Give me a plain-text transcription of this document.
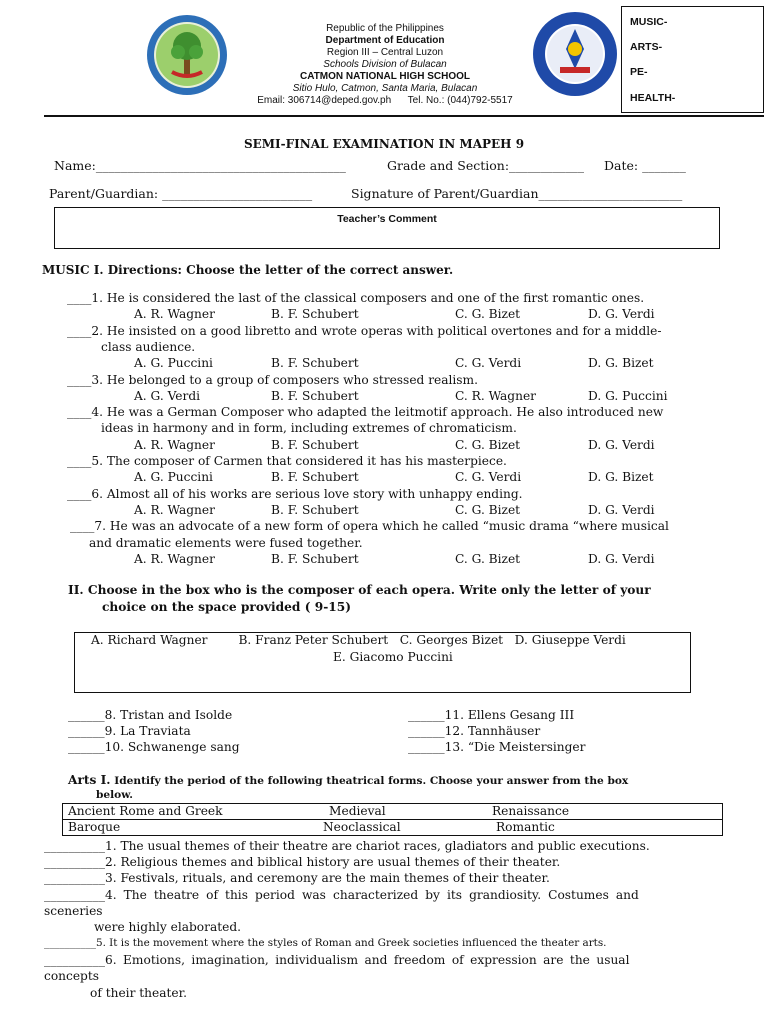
Republic of the Philippines
Department of Education
Region III – Central Luzon
Schools Division of Bulacan
CATMON NATIONAL HIGH SCHOOL
Sitio Hulo, Catmon, Santa Maria, Bulacan
Email: 306714@deped.gov.ph      Tel. No.: (044)792-5517
MUSIC-
ARTS-
PE-
HEALTH-
SEMI-FINAL EXAMINATION IN MAPEH 9
Name:________________________________________	Grade and Section:____________ Date: _______
Parent/Guardian: ________________________	Signature of Parent/Guardian_______________________
Teacher’s Comment
MUSIC I. Directions: Choose the letter of the correct answer.
____1. He is considered the last of the classical composers and one of the first romantic ones.
A. R. Wagner	B. F. Schubert	C. G. Bizet	D. G. Verdi
____2. He insisted on a good libretto and wrote operas with political overtones and for a middle-
class audience.
A. G. Puccini	B. F. Schubert	C. G. Verdi	D. G. Bizet
____3. He belonged to a group of composers who stressed realism.
A. G. Verdi	B. F. Schubert	C. R. Wagner	D. G. Puccini
____4. He was a German Composer who adapted the leitmotif approach. He also introduced new
ideas in harmony and in form, including extremes of chromaticism.
A. R. Wagner	B. F. Schubert	C. G. Bizet	D. G. Verdi
____5. The composer of Carmen that considered it has his masterpiece.
A. G. Puccini	B. F. Schubert	C. G. Verdi	D. G. Bizet
____6. Almost all of his works are serious love story with unhappy ending.
A. R. Wagner	B. F. Schubert	C. G. Bizet	D. G. Verdi
____7. He was an advocate of a new form of opera which he called “music drama “where musical
and dramatic elements were fused together.
A. R. Wagner	B. F. Schubert	C. G. Bizet	D. G. Verdi
II. Choose in the box who is the composer of each opera. Write only the letter of your
choice on the space provided ( 9-15)
A. Richard Wagner        B. Franz Peter Schubert   C. Georges Bizet   D. Giuseppe Verdi
E. Giacomo Puccini
______8. Tristan and Isolde
______9. La Traviata
______10. Schwanenge sang
______11. Ellens Gesang III
______12. Tannhäuser
______13. “Die Meistersinger
Arts I. Identify the period of the following theatrical forms. Choose your answer from the box
below.
Ancient Rome and Greek	Medieval	Renaissance
Baroque	Neoclassical	Romantic
__________1. The usual themes of their theatre are chariot races, gladiators and public executions.
__________2. Religious themes and biblical history are usual themes of their theater.
__________3. Festivals, rituals, and ceremony are the main themes of their theater.
__________4. The theatre of this period was characterized by its grandiosity. Costumes and
sceneries
were highly elaborated.
__________5. It is the movement where the styles of Roman and Greek societies influenced the theater arts.
__________6. Emotions, imagination, individualism and freedom of expression are the usual
concepts
of their theater.
